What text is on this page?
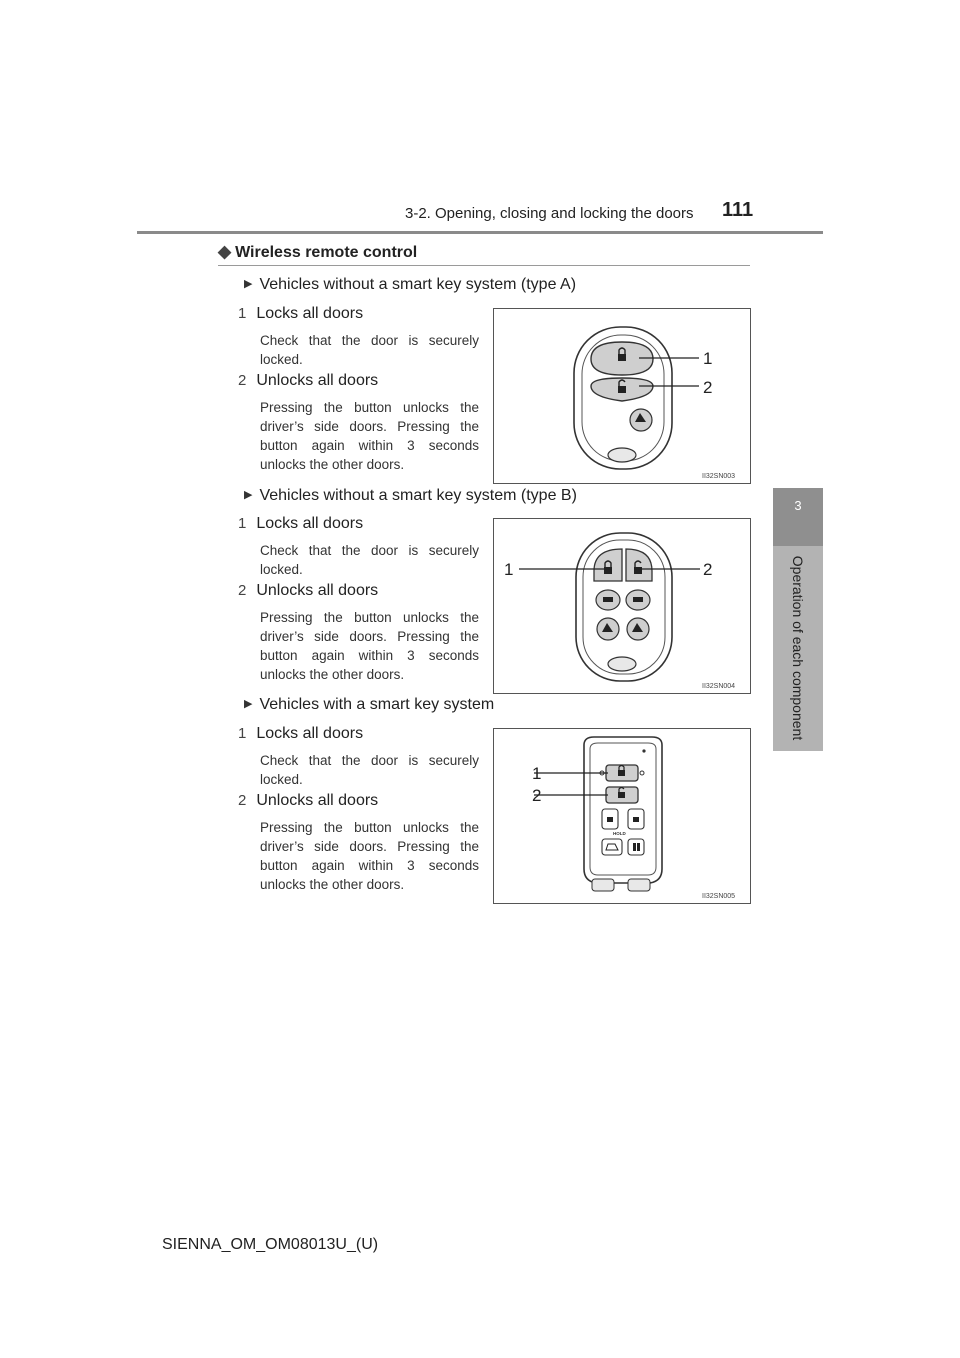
3-2. Opening, closing and locking the doors 111
3
Operation of each component
◆ Wireless remote control
▶ Vehicles without a smart key system (type A)
1 Locks all doors
Check that the door is securely locked.
2 Unlocks all doors
Pressing the button unlocks the driver’s side doors. Pressing the button again within 3 seconds unlocks the other doors.
1
2
II32SN003
▶ Vehicles without a smart key system (type B)
1 Locks all doors
Check that the door is securely locked.
2 Unlocks all doors
Pressing the button unlocks the driver’s side doors. Pressing the button again within 3 seconds unlocks the other doors.
1	2
II32SN004
▶ Vehicles with a smart key system
1 Locks all doors
Check that the door is securely locked.
2 Unlocks all doors
Pressing the button unlocks the driver’s side doors. Pressing the button again within 3 seconds unlocks the other doors.
HOLD
1
2
II32SN005
SIENNA_OM_OM08013U_(U)
